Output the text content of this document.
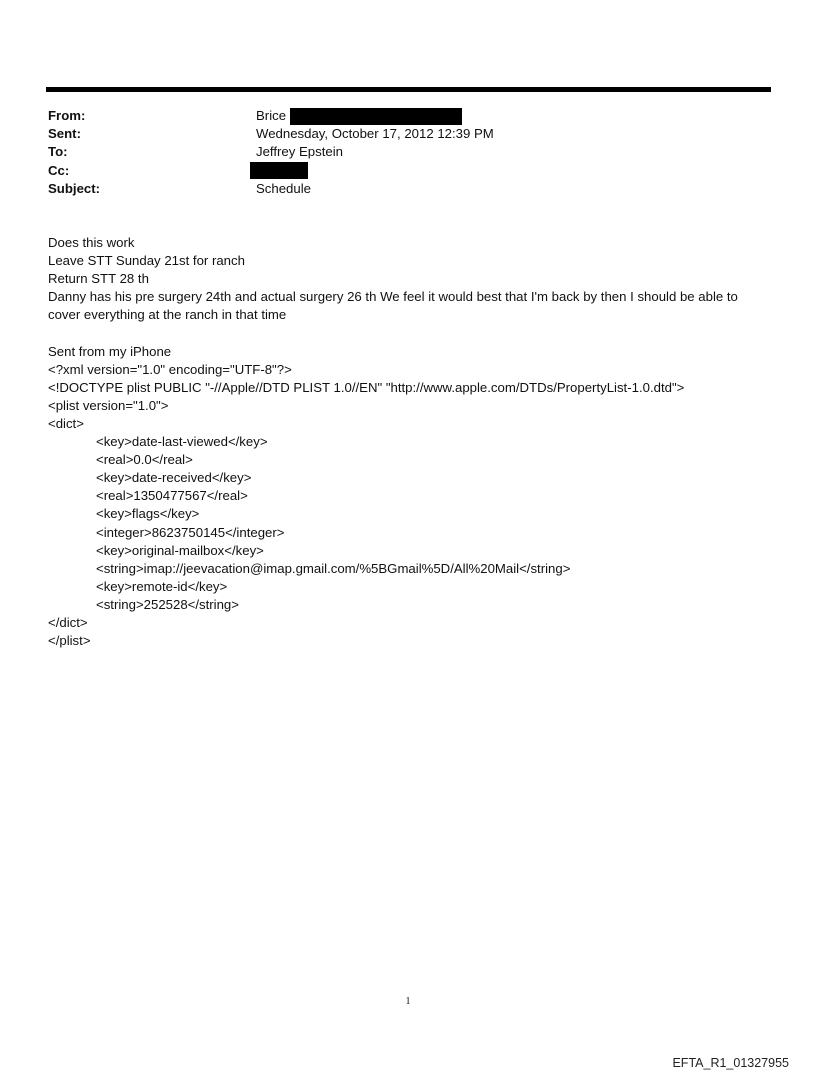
From:	Brice
Sent:	Wednesday, October 17, 2012 12:39 PM
To:	Jeffrey Epstein
Cc:
Subject:	Schedule
Does this work
Leave STT Sunday 21st for ranch
Return STT 28 th
Danny has his pre surgery 24th and actual surgery 26 th We feel it would best that I'm back by then I should be able to cover everything at the ranch in that time
Sent from my iPhone
<?xml version="1.0" encoding="UTF-8"?>
<!DOCTYPE plist PUBLIC "-//Apple//DTD PLIST 1.0//EN" "http://www.apple.com/DTDs/PropertyList-1.0.dtd">
<plist version="1.0">
<dict>
<key>date-last-viewed</key>
<real>0.0</real>
<key>date-received</key>
<real>1350477567</real>
<key>flags</key>
<integer>8623750145</integer>
<key>original-mailbox</key>
<string>imap://jeevacation@imap.gmail.com/%5BGmail%5D/All%20Mail</string>
<key>remote-id</key>
<string>252528</string>
</dict>
</plist>
1
EFTA_R1_01327955
